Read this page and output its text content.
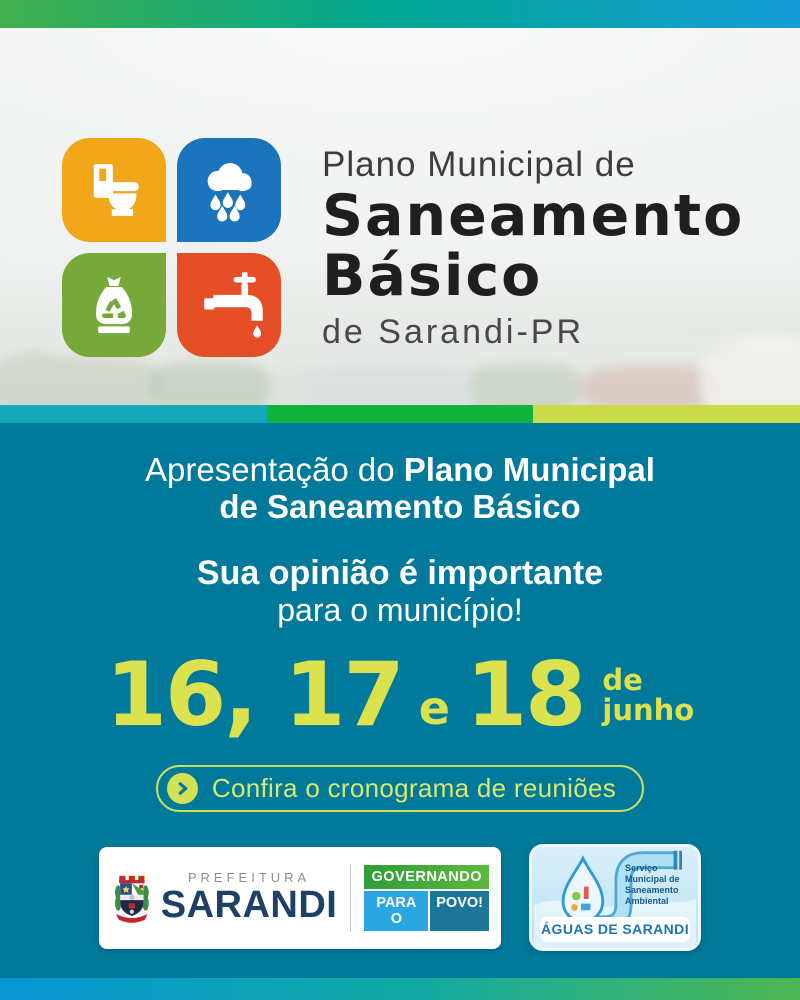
Plano Municipal de
Saneamento
Básico
de Sarandi-PR
Apresentação do Plano Municipal
de Saneamento Básico
Sua opinião é importante
para o município!
16, 17 e 18 de
junho
Confira o cronograma de reuniões
PREFEITURA
SARANDI
GOVERNANDO
PARA O
POVO!
Serviço Municipal de Saneamento Ambiental
ÁGUAS DE SARANDI
